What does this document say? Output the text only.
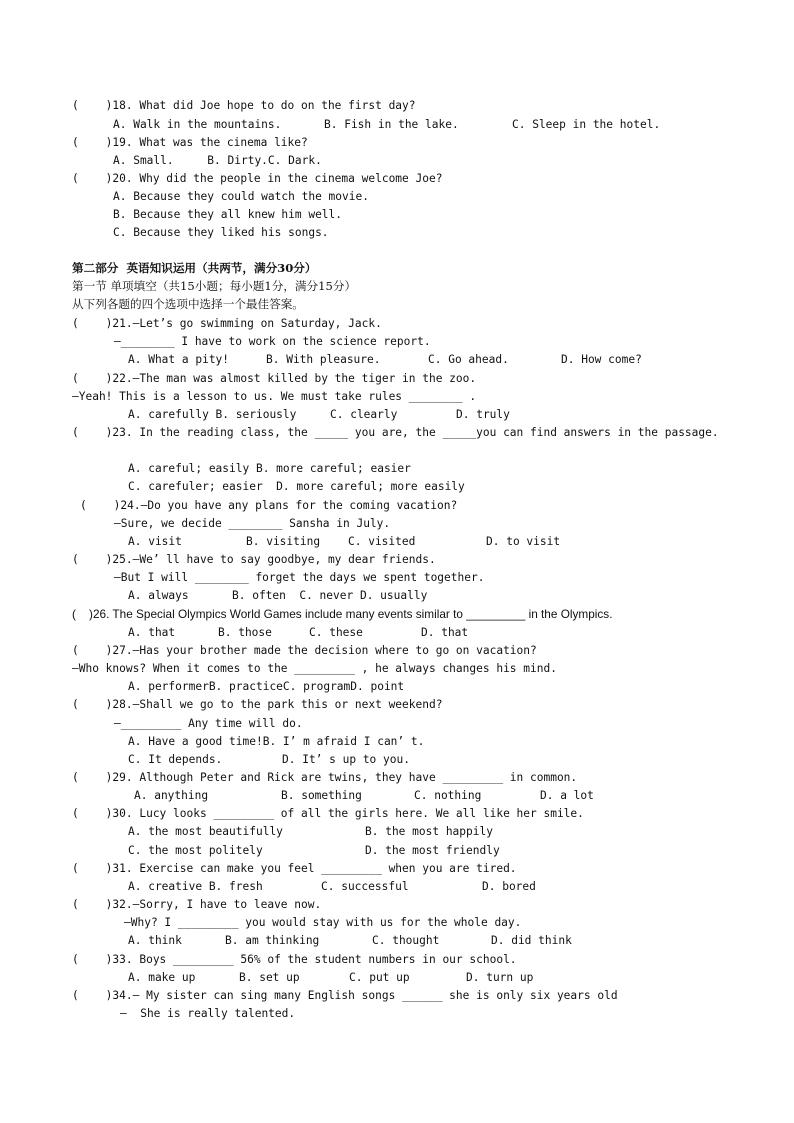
(    )18. What did Joe hope to do on the first day?

A. Walk in the mountains.

	B. Fish in the lake.

	C. Sleep in the hotel.

(    )19. What was the cinema like?
A. Small.     B. Dirty.C. Dark.
(    )20. Why did the people in the cinema welcome Joe?
A. Because they could watch the movie.
B. Because they all knew him well.
C. Because they liked his songs.
第二部分  英语知识运用（共两节，满分30分）
第一节 单项填空（共15小题；每小题1分，满分15分）
从下列各题的四个选项中选择一个最佳答案。
(    )21.—Let’s go swimming on Saturday, Jack.
—________ I have to work on the science report.

A. What a pity!

	B. With pleasure.

	C. Go ahead.

	D. How come?

(    )22.—The man was almost killed by the tiger in the zoo.
—Yeah! This is a lesson to us. We must take rules ________ .

A. carefully B. seriously

	C. clearly

	D. truly

(    )23. In the reading class, the _____ you are, the _____you can find answers in the passage.
A. careful; easily B. more careful; easier
C. carefuler; easier  D. more careful; more easily
(    )24.—Do you have any plans for the coming vacation?
—Sure, we decide ________ Sansha in July.

A. visit

	B. visiting

C. visited

	D. to visit

(    )25.—We’ ll have to say goodbye, my dear friends.
—But I will ________ forget the days we spent together.

A. always

	B. often  C. never D. usually

(    )26. The Special Olympics World Games include many events similar to _________ in the Olympics.

A. that

	B. those

	C. these

	D. that

(    )27.—Has your brother made the decision where to go on vacation?
—Who knows? When it comes to the _________ , he always changes his mind.
A. performerB. practiceC. programD. point
(    )28.—Shall we go to the park this or next weekend?
—_________ Any time will do.
A. Have a good time!B. I’ m afraid I can’ t.

C. It depends.

	D. It’ s up to you.

(    )29. Although Peter and Rick are twins, they have _________ in common.

A. anything

	B. something

	C. nothing

	D. a lot

(    )30. Lucy looks _________ of all the girls here. We all like her smile.

A. the most beautifully

	B. the most happily

C. the most politely

	D. the most friendly

(    )31. Exercise can make you feel _________ when you are tired.

A. creative B. fresh

	C. successful

	D. bored

(    )32.—Sorry, I have to leave now.
—Why? I _________ you would stay with us for the whole day.

A. think

	B. am thinking

	C. thought

	D. did think

(    )33. Boys _________ 56% of the student numbers in our school.

A. make up

	B. set up

	C. put up

	D. turn up

(    )34.— My sister can sing many English songs ______ she is only six years old
—  She is really talented.
